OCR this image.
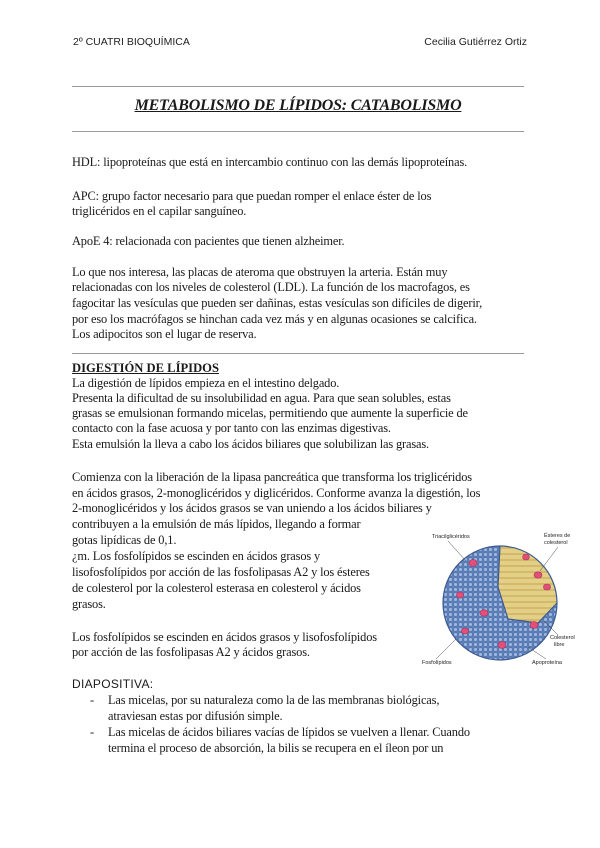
2º CUATRI BIOQUÍMICA	Cecilia Gutiérrez Ortiz
METABOLISMO DE LÍPIDOS: CATABOLISMO
HDL: lipoproteínas que está en intercambio continuo con las demás lipoproteínas.
APC: grupo factor necesario para que puedan romper el enlace éster de los
triglicéridos en el capilar sanguíneo.
ApoE 4: relacionada con pacientes que tienen alzheimer.
Lo que nos interesa, las placas de ateroma que obstruyen la arteria. Están muy
relacionadas con los niveles de colesterol (LDL). La función de los macrofagos, es
fagocitar las vesículas que pueden ser dañinas, estas vesículas son difíciles de digerir,
por eso los macrófagos se hinchan cada vez más y en algunas ocasiones se calcifica.
Los adipocitos son el lugar de reserva.
DIGESTIÓN DE LÍPIDOS
La digestión de lípidos empieza en el intestino delgado.
Presenta la dificultad de su insolubilidad en agua. Para que sean solubles, estas
grasas se emulsionan formando micelas, permitiendo que aumente la superficie de
contacto con la fase acuosa y por tanto con las enzimas digestivas.
Esta emulsión la lleva a cabo los ácidos biliares que solubilizan las grasas.
Comienza con la liberación de la lipasa pancreática que transforma los triglicéridos
en ácidos grasos, 2-monoglicéridos y diglicéridos. Conforme avanza la digestión, los
2-monoglicéridos y los ácidos grasos se van uniendo a los ácidos biliares y
contribuyen a la emulsión de más lípidos, llegando a formar
gotas lipídicas de 0,1.
¿m. Los fosfolípidos se escinden en ácidos grasos y
lisofosfolípidos por acción de las fosfolipasas A2 y los ésteres
de colesterol por la colesterol esterasa en colesterol y ácidos
grasos.
Los fosfolípidos se escinden en ácidos grasos y lisofosfolípidos
por acción de las fosfolipasas A2 y ácidos grasos.
Triacilglicéridos	Ésteres de
colesterol
Colesterol
libre
Fosfolípidos	Apoproteína
DIAPOSITIVA:
- Las micelas, por su naturaleza como la de las membranas biológicas,
atraviesan estas por difusión simple.
- Las micelas de ácidos biliares vacías de lípidos se vuelven a llenar. Cuando
termina el proceso de absorción, la bilis se recupera en el íleon por un
